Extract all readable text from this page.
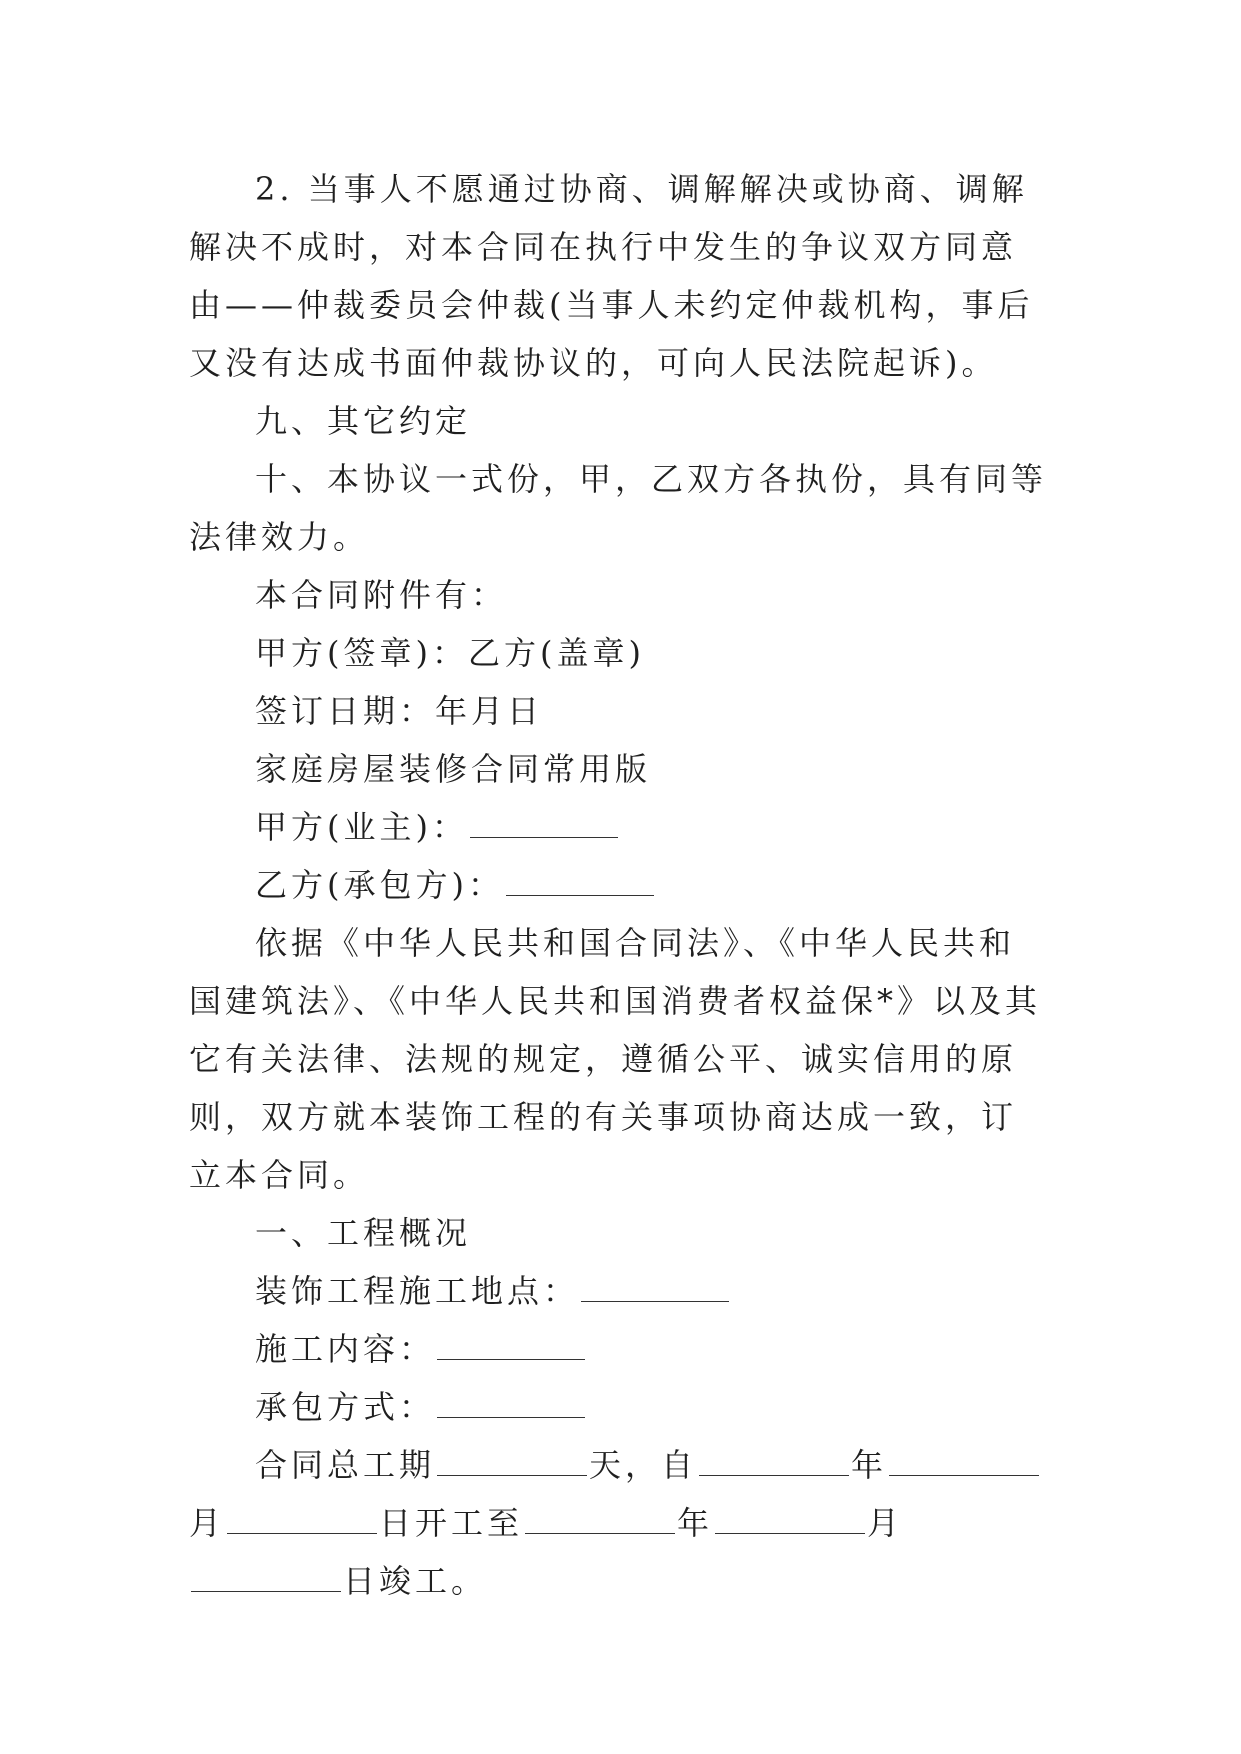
2. 当事人不愿通过协商、调解解决或协商、调解解决不成时，对本合同在执行中发生的争议双方同意由——仲裁委员会仲裁(当事人未约定仲裁机构，事后又没有达成书面仲裁协议的，可向人民法院起诉)。

九、其它约定

十、本协议一式份，甲，乙双方各执份，具有同等法律效力。

本合同附件有：

甲方(签章)：乙方(盖章)

签订日期：年月日

家庭房屋装修合同常用版

甲方(业主)：

乙方(承包方)：

依据《中华人民共和国合同法》、《中华人民共和国建筑法》、《中华人民共和国消费者权益保*》以及其它有关法律、法规的规定，遵循公平、诚实信用的原则，双方就本装饰工程的有关事项协商达成一致，订立本合同。

一、工程概况

装饰工程施工地点：

施工内容：

承包方式：

合同总工期	天，自	年月	日开工至	年	月日竣工。
